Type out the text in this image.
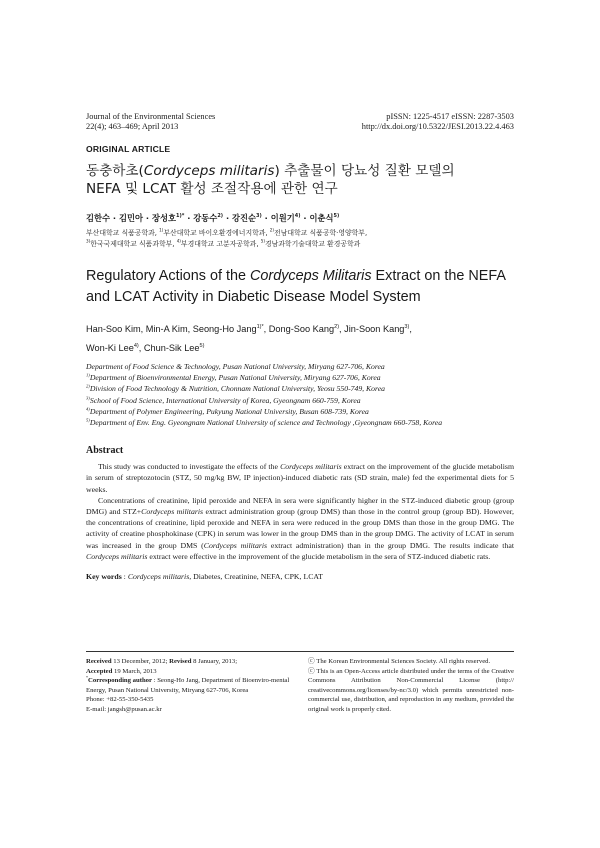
Journal of the Environmental Sciences
22(4); 463–469; April 2013
pISSN: 1225-4517 eISSN: 2287-3503
http://dx.doi.org/10.5322/JESI.2013.22.4.463
ORIGINAL ARTICLE
동충하초(Cordyceps militaris) 추출물이 당뇨성 질환 모델의
NEFA 및 LCAT 활성 조절작용에 관한 연구
김한수 · 김민아 · 장성호$^{1)*}$ · 강동수$^{2)}$ · 강진순$^{3)}$ · 이원기$^{4)}$ · 이춘식$^{5)}$
부산대학교 식품공학과, $^{1)}$부산대학교 바이오환경에너지학과, $^{2)}$전남대학교 식품공학·영양학부,
$^{3)}$한국국제대학교 식품과학부, $^{4)}$부경대학교 고분자공학과, $^{5)}$경남과학기술대학교 환경공학과
Regulatory Actions of the Cordyceps Militaris Extract on the NEFA
and LCAT Activity in Diabetic Disease Model System
Han-Soo Kim, Min-A Kim, Seong-Ho Jang$^{1)*}$, Dong-Soo Kang$^{2)}$, Jin-Soon Kang$^{3)}$,
Won-Ki Lee$^{4)}$, Chun-Sik Lee$^{5)}$
Department of Food Science & Technology, Pusan National University, Miryang 627-706, Korea
$^{1)}$Department of Bioenvironmental Energy, Pusan National University, Miryang 627-706, Korea
$^{2)}$Division of Food Technology & Nutrition, Chonnam National University, Yeosu 550-749, Korea
$^{3)}$School of Food Science, International University of Korea, Gyeongnam 660-759, Korea
$^{4)}$Department of Polymer Engineering, Pukyung National University, Busan 608-739, Korea
$^{5)}$Department of Env. Eng. Gyeongnam National University of science and Technology ,Gyeongnam 660-758, Korea
Abstract

This study was conducted to investigate the effects of the Cordyceps militaris extract on the improvement of the glucide metabolism in serum of streptozotocin (STZ, 50 mg/kg BW, IP injection)-induced diabetic rats (SD strain, male) fed the experimental diets for 5 weeks.

Concentrations of creatinine, lipid peroxide and NEFA in sera were significantly higher in the STZ-induced diabetic group (group DMG) and STZ+Cordyceps militaris extract administration group (group DMS) than those in the control group (group BD). However, the concentrations of creatinine, lipid peroxide and NEFA in sera were reduced in the group DMS than those in the group DMG. The activity of creatine phosphokinase (CPK) in serum was lower in the group DMS than in the group DMG. The activity of LCAT in serum was increased in the group DMS (Cordyceps militaris extract administration) than in the group DMG. The results indicate that Cordyceps militaris extract were effective in the improvement of the glucide metabolism in the sera of STZ-induced diabetic rats.

Key words : Cordyceps militaris, Diabetes, Creatinine, NEFA, CPK, LCAT
Received 13 December, 2012; Revised 8 January, 2013;
Accepted 19 March, 2013
*Corresponding author : Seong-Ho Jang, Department of Bioenviro-mental Energy, Pusan National University, Miryang 627-706, Korea
Phone: +82-55-350-5435
E-mail: jangsh@pusan.ac.kr
ⓒ The Korean Environmental Sciences Society. All rights reserved.
ⓒ This is an Open-Access article distributed under the terms of the Creative Commons Attribution Non-Commercial License (http:// creativecommons.org/licenses/by-nc/3.0) which permits unrestricted non-commercial use, distribution, and reproduction in any medium, provided the original work is properly cited.
